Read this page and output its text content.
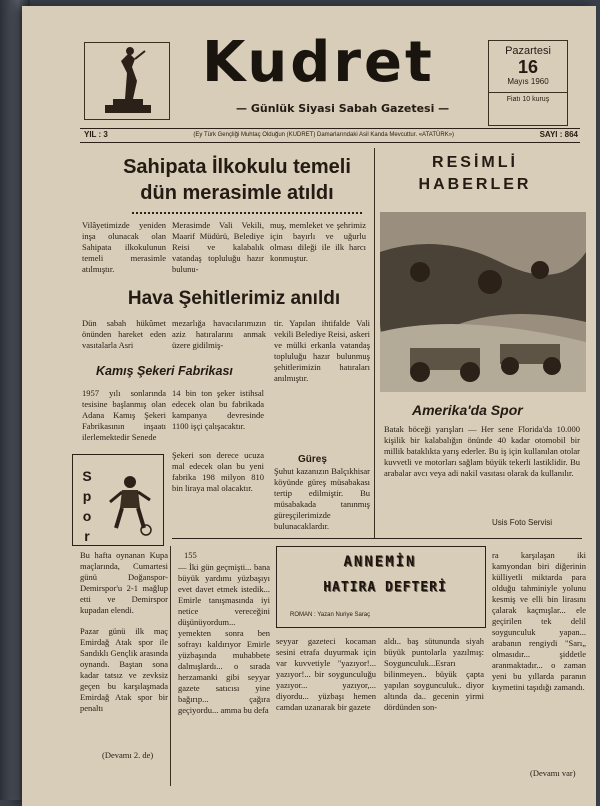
Kudret
— Günlük Siyasi Sabah Gazetesi —
Pazartesi
16
Mayıs 1960
Fiatı 10 kuruş
YIL : 3	(Ey Türk Gençliği Muhtaç Olduğun (KUDRET) Damarlarındaki Asil Kanda Mevcuttur. «ATATÜRK»)	SAYI : 864
Sahipata İlkokulu temeli
dün merasimle atıldı
Vilâyetimizde yeniden inşa olunacak olan Sahipata ilkokulunun temeli merasimle atılmıştır.
Merasimde Vali Vekili, Maarif Müdürü, Belediye Reisi ve kalabalık vatandaş topluluğu hazır bulunu-
muş, memleket ve şehrimiz için bayırlı ve uğurlu olması dileği ile ilk harcı konmuştur.
Hava Şehitlerimiz anıldı
Dün sabah hükûmet önünden hareket eden vasıtalarla Asri
mezarlığa havacılarımızın aziz hatıralarını anmak üzere gidilmiş-
tir. Yapılan ihtifalde Vali vekili Belediye Reisi, askeri ve mülki erkanla vatandaş topluluğu hazır bulunmuş şehitlerimizin hatıraları anılmıştır.
Kamış Şekeri Fabrikası
1957 yılı sonlarında tesisine başlanmış olan Adana Kamış Şekeri Fabrikasının inşaatı ilerlemektedir Senede
14 bin ton şeker istihsal edecek olan bu fabrikada kampanya devresinde 1100 işçi çalışacaktır.
Şekeri son derece ucuza mal edecek olan bu yeni fabrika 198 milyon 810 bin liraya mal olacaktır.
Güreş
Şuhut kazanızın Balçıkhisar köyünde güreş müsabakası tertip edilmiştir. Bu müsabakada tanınmış güreşçilerimizde bulunacaklardır.
S
p
o
r
Bu hafta oynanan Kupa maçlarında, Cumartesi günü Doğanspor-Demirspor'u 2-1 mağlup etti ve Demirspor kupadan elendi.
Pazar günü ilk maç Emirdağ Atak spor ile Sandıklı Gençlik arasında oynandı. Baştan sona kadar tatsız ve zevksiz geçen bu karşılaşmada Emirdağ Atak spor bir penaltı
(Devamı 2. de)
RESİMLİ
HABERLER
Amerika'da Spor
Batak böceği yarışları — Her sene Florida'da 10.000 kişilik bir kalabalığın önünde 40 kadar otomobil bir millik bataklıkta yarış ederler. Bu iş için kullanılan otolar kuvvetli ve motorları sağlam büyük tekerli lastiklidir. Bu arabalar avcı veya adi nakil vasıtası olarak da kullanılır.
Usis Foto Servisi
155
— İki gün geçmişti... bana büyük yardımı yüzbaşıyı evet davet etmek istedik... Emirle tanışmasında iyi netice vereceğini düşünüyordum... yemekten sonra ben sofrayı kaldırıyor Emirle yüzbaşında muhabbete dalmışlardı... o sırada herzamanki gibi seyyar gazete satıcısı yine bağırıp... çağıra geçiyordu... amma bu defa
ANNEMİN
HATIRA DEFTERİ
ROMAN : Yazan Nuriye Saraç
seyyar gazeteci kocaman sesini etrafa duyurmak için var kuvvetiyle "yazıyor!... yazıyor!... bir soygunculuğu yazıyor... yazıyor,... diyordu... yüzbaşı hemen camdan uzanarak bir gazete
aldı.. baş sütununda siyah büyük puntolarla yazılmış: Soygunculuk...Esrarı bilinmeyen.. büyük çapta yapılan soygunculuk.. diyor altında da.. gecenin yirmi dördünden son-
ra karşılaşan iki kamyondan biri diğerinin külliyetli miktarda para olduğu tahminiyle yolunu kesmiş ve elli bin lirasını çalarak kaçmışlar... ele geçirilen tek delil soygunculuk yapan... arabanın rengiydi "Sarı„ olmasıdır... şiddetle aranmaktadır... o zaman yeni bu yıllarda paranın kıymetini taşıdığı zamandı.
(Devamı var)
